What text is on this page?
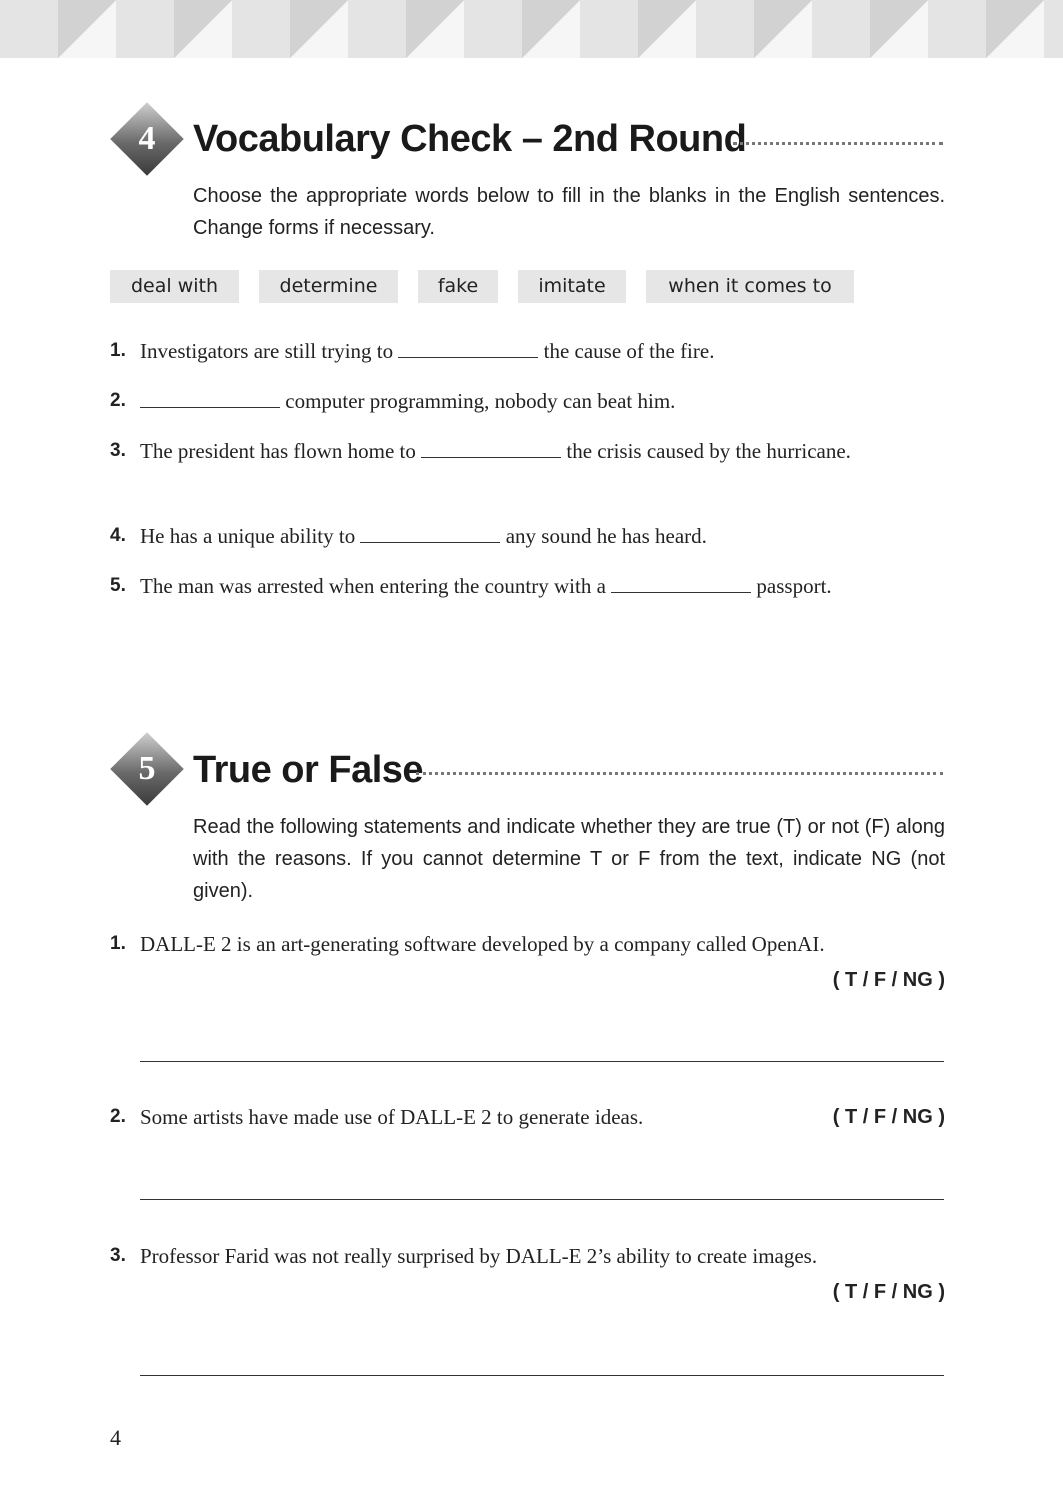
4 Vocabulary Check – 2nd Round
Choose the appropriate words below to fill in the blanks in the English sentences. Change forms if necessary.
deal with	determine	fake	imitate	when it comes to
1. Investigators are still trying to	the cause of the fire.
2.	computer programming, nobody can beat him.
3. The president has flown home to	the crisis caused by the hurricane.
4. He has a unique ability to	any sound he has heard.
5. The man was arrested when entering the country with a	passport.
5 True or False
Read the following statements and indicate whether they are true (T) or not (F) along with the reasons. If you cannot determine T or F from the text, indicate NG (not given).
1. DALL-E 2 is an art-generating software developed by a company called OpenAI.
( T / F / NG )
2. Some artists have made use of DALL-E 2 to generate ideas.	( T / F / NG )
3. Professor Farid was not really surprised by DALL-E 2’s ability to create images.
( T / F / NG )
4
